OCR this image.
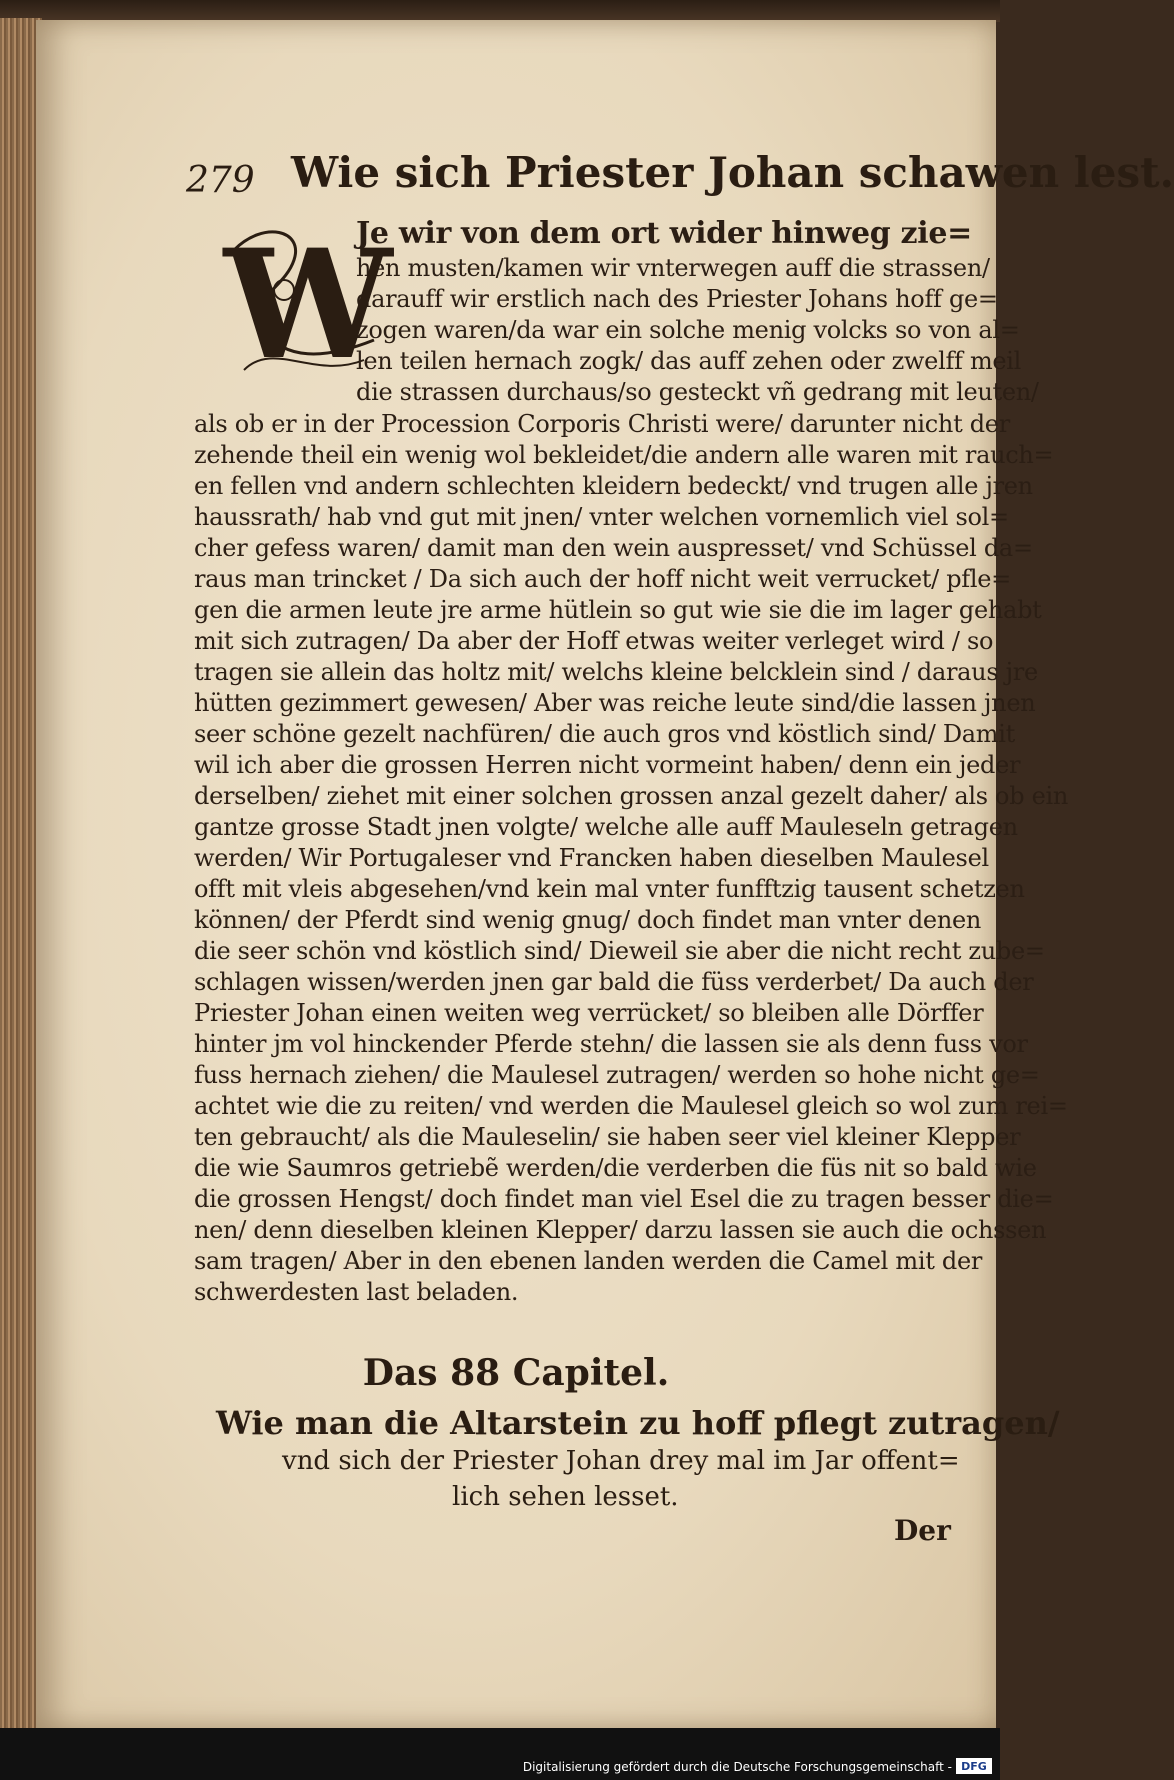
279 Wie sich Priester Johan schawen lest.
W
Je wir von dem ort wider hinweg zie=
hen musten/kamen wir vnterwegen auff die strassen/
darauff wir erstlich nach des Priester Johans hoff ge=
zogen waren/da war ein solche menig volcks so von al=
len teilen hernach zogk/ das auff zehen oder zwelff meil
die strassen durchaus/so gesteckt vñ gedrang mit leuten/
als ob er in der Procession Corporis Christi were/ darunter nicht der
zehende theil ein wenig wol bekleidet/die andern alle waren mit rauch=
en fellen vnd andern schlechten kleidern bedeckt/ vnd trugen alle jren
haussrath/ hab vnd gut mit jnen/ vnter welchen vornemlich viel sol=
cher gefess waren/ damit man den wein auspresset/ vnd Schüssel da=
raus man trincket / Da sich auch der hoff nicht weit verrucket/ pfle=
gen die armen leute jre arme hütlein so gut wie sie die im lager gehabt
mit sich zutragen/ Da aber der Hoff etwas weiter verleget wird / so
tragen sie allein das holtz mit/ welchs kleine belcklein sind / daraus jre
hütten gezimmert gewesen/ Aber was reiche leute sind/die lassen jnen
seer schöne gezelt nachfüren/ die auch gros vnd köstlich sind/ Damit
wil ich aber die grossen Herren nicht vormeint haben/ denn ein jeder
derselben/ ziehet mit einer solchen grossen anzal gezelt daher/ als ob ein
gantze grosse Stadt jnen volgte/ welche alle auff Mauleseln getragen
werden/ Wir Portugaleser vnd Francken haben dieselben Maulesel
offt mit vleis abgesehen/vnd kein mal vnter funfftzig tausent schetzen
können/ der Pferdt sind wenig gnug/ doch findet man vnter denen
die seer schön vnd köstlich sind/ Dieweil sie aber die nicht recht zube=
schlagen wissen/werden jnen gar bald die füss verderbet/ Da auch der
Priester Johan einen weiten weg verrücket/ so bleiben alle Dörffer
hinter jm vol hinckender Pferde stehn/ die lassen sie als denn fuss vor
fuss hernach ziehen/ die Maulesel zutragen/ werden so hohe nicht ge=
achtet wie die zu reiten/ vnd werden die Maulesel gleich so wol zum rei=
ten gebraucht/ als die Mauleselin/ sie haben seer viel kleiner Klepper
die wie Saumros getriebẽ werden/die verderben die füs nit so bald wie
die grossen Hengst/ doch findet man viel Esel die zu tragen besser die=
nen/ denn dieselben kleinen Klepper/ darzu lassen sie auch die ochssen
sam tragen/ Aber in den ebenen landen werden die Camel mit der
schwerdesten last beladen.
Das 88 Capitel.
Wie man die Altarstein zu hoff pflegt zutragen/
vnd sich der Priester Johan drey mal im Jar offent=
lich sehen lesset.
Der
Digitalisierung gefördert durch die Deutsche Forschungsgemeinschaft - DFG
